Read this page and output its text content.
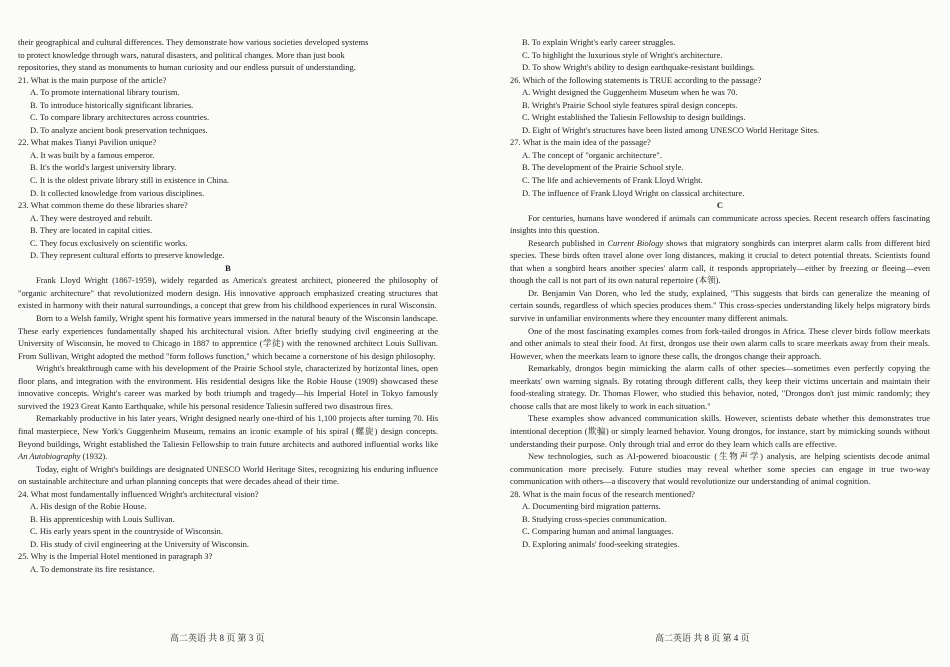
their geographical and cultural differences. They demonstrate how various societies developed systems

to protect knowledge through wars, natural disasters, and political changes. More than just book

repositories, they stand as monuments to human curiosity and our endless pursuit of understanding.

21. What is the main purpose of the article?
A. To promote international library tourism.
B. To introduce historically significant libraries.
C. To compare library architectures across countries.
D. To analyze ancient book preservation techniques.
22. What makes Tianyi Pavilion unique?
A. It was built by a famous emperor.
B. It's the world's largest university library.
C. It is the oldest private library still in existence in China.
D. It collected knowledge from various disciplines.
23. What common theme do these libraries share?
A. They were destroyed and rebuilt.
B. They are located in capital cities.
C. They focus exclusively on scientific works.
D. They represent cultural efforts to preserve knowledge.
B

Frank Lloyd Wright (1867-1959), widely regarded as America's greatest architect, pioneered the philosophy of "organic architecture" that revolutionized modern design. His innovative approach emphasized creating structures that existed in harmony with their natural surroundings, a concept that grew from his childhood experiences in rural Wisconsin.

Born to a Welsh family, Wright spent his formative years immersed in the natural beauty of the Wisconsin landscape. These early experiences fundamentally shaped his architectural vision. After briefly studying civil engineering at the University of Wisconsin, he moved to Chicago in 1887 to apprentice (学徒) with the renowned architect Louis Sullivan. From Sullivan, Wright adopted the method "form follows function," which became a cornerstone of his design philosophy.

Wright's breakthrough came with his development of the Prairie School style, characterized by horizontal lines, open floor plans, and integration with the environment. His residential designs like the Robie House (1909) showcased these innovative concepts. Wright's career was marked by both triumph and tragedy—his Imperial Hotel in Tokyo famously survived the 1923 Great Kanto Earthquake, while his personal residence Taliesin suffered two disastrous fires.

Remarkably productive in his later years, Wright designed nearly one-third of his 1,100 projects after turning 70. His final masterpiece, New York's Guggenheim Museum, remains an iconic example of his spiral (螺旋) design concepts. Beyond buildings, Wright established the Taliesin Fellowship to train future architects and authored influential works like An Autobiography (1932).

Today, eight of Wright's buildings are designated UNESCO World Heritage Sites, recognizing his enduring influence on sustainable architecture and urban planning concepts that were decades ahead of their time.

24. What most fundamentally influenced Wright's architectural vision?
A. His design of the Robie House.
B. His apprenticeship with Louis Sullivan.
C. His early years spent in the countryside of Wisconsin.
D. His study of civil engineering at the University of Wisconsin.
25. Why is the Imperial Hotel mentioned in paragraph 3?
A. To demonstrate its fire resistance.
B. To explain Wright's early career struggles.
C. To highlight the luxurious style of Wright's architecture.
D. To show Wright's ability to design earthquake-resistant buildings.
26. Which of the following statements is TRUE according to the passage?
A. Wright designed the Guggenheim Museum when he was 70.
B. Wright's Prairie School style features spiral design concepts.
C. Wright established the Taliesin Fellowship to design buildings.
D. Eight of Wright's structures have been listed among UNESCO World Heritage Sites.
27. What is the main idea of the passage?
A. The concept of "organic architecture".
B. The development of the Prairie School style.
C. The life and achievements of Frank Lloyd Wright.
D. The influence of Frank Lloyd Wright on classical architecture.
C

For centuries, humans have wondered if animals can communicate across species. Recent research offers fascinating insights into this question.

Research published in Current Biology shows that migratory songbirds can interpret alarm calls from different bird species. These birds often travel alone over long distances, making it crucial to detect potential threats. Scientists found that when a songbird hears another species' alarm call, it responds appropriately—either by freezing or fleeing—even though the call is not part of its own natural repertoire (本领).

Dr. Benjamin Van Doren, who led the study, explained, "This suggests that birds can generalize the meaning of certain sounds, regardless of which species produces them." This cross-species understanding likely helps migratory birds survive in unfamiliar environments where they encounter many different animals.

One of the most fascinating examples comes from fork-tailed drongos in Africa. These clever birds follow meerkats and other animals to steal their food. At first, drongos use their own alarm calls to scare meerkats away from their meals. However, when the meerkats learn to ignore these calls, the drongos change their approach.

Remarkably, drongos begin mimicking the alarm calls of other species—sometimes even perfectly copying the meerkats' own warning signals. By rotating through different calls, they keep their victims uncertain and maintain their food-stealing strategy. Dr. Thomas Flower, who studied this behavior, noted, "Drongos don't just mimic randomly; they choose calls that are most likely to work in each situation."

These examples show advanced communication skills. However, scientists debate whether this demonstrates true intentional deception (欺骗) or simply learned behavior. Young drongos, for instance, start by mimicking sounds without understanding their purpose. Only through trial and error do they learn which calls are effective.

New technologies, such as AI-powered bioacoustic (生物声学) analysis, are helping scientists decode animal communication more precisely. Future studies may reveal whether some species can engage in true two-way communication with others—a discovery that would revolutionize our understanding of animal cognition.

28. What is the main focus of the research mentioned?
A. Documenting bird migration patterns.
B. Studying cross-species communication.
C. Comparing human and animal languages.
D. Exploring animals' food-seeking strategies.
高二英语 共 8 页 第 3 页	高二英语 共 8 页 第 4 页
